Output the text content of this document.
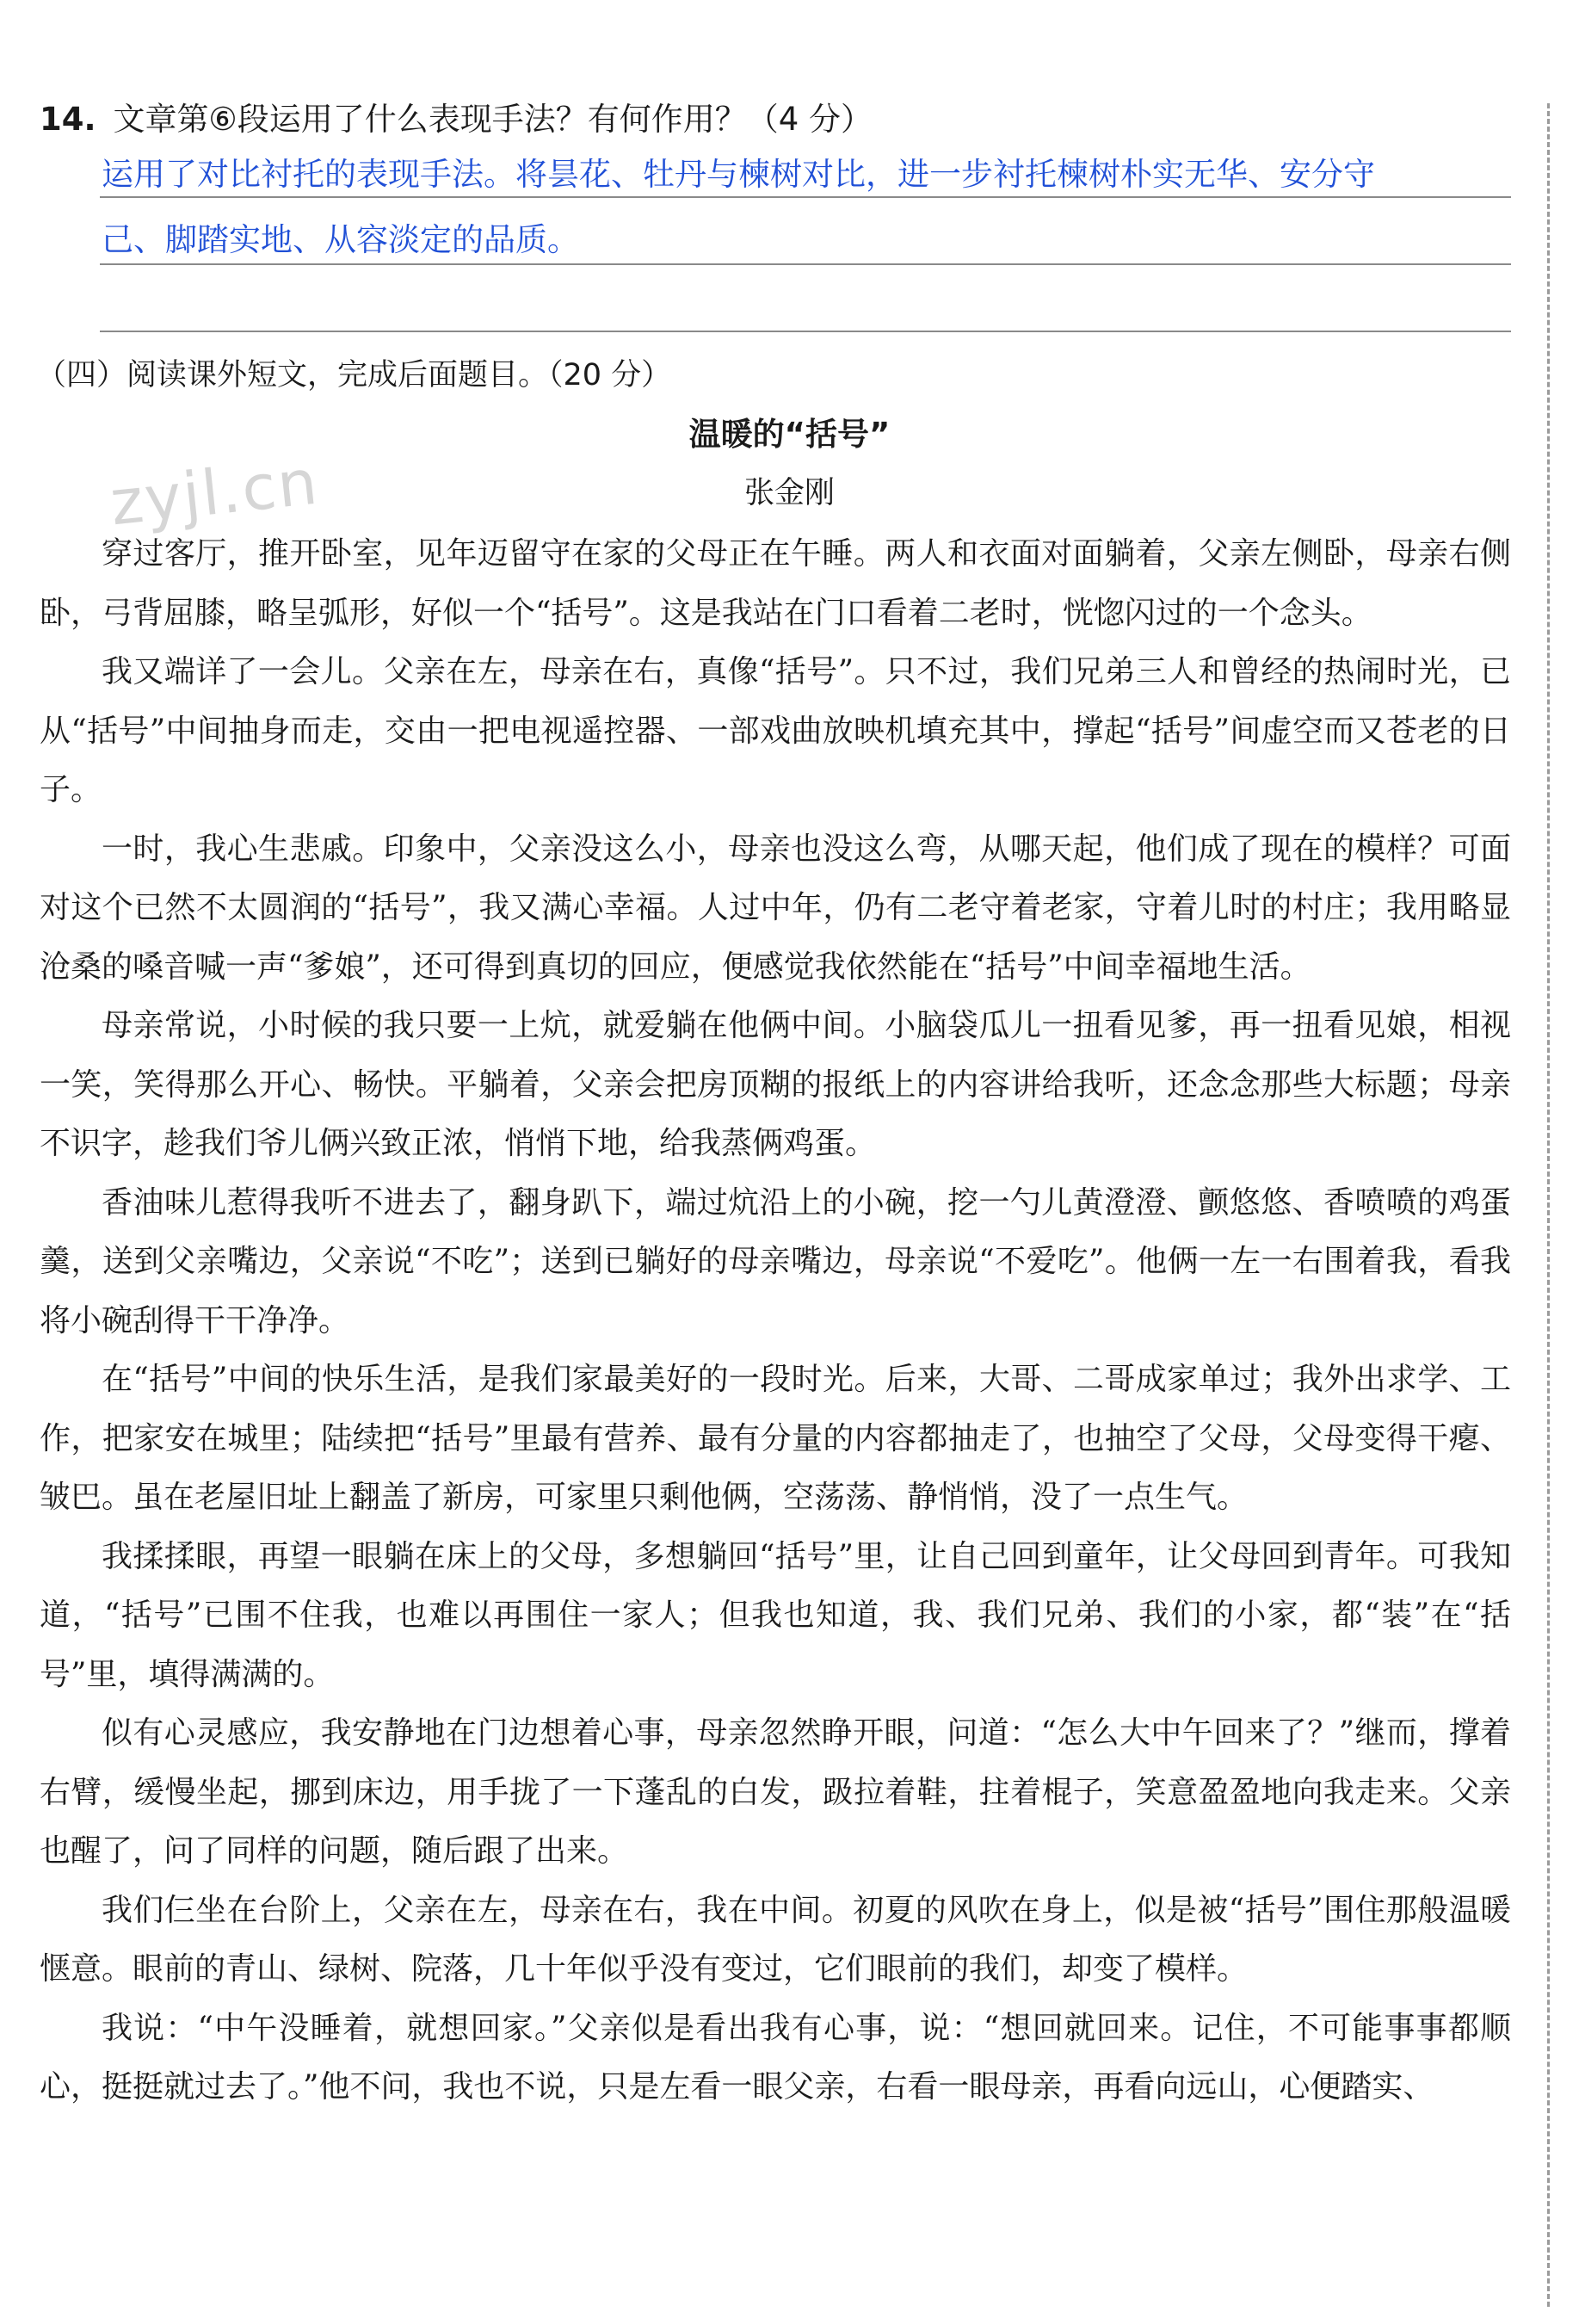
14. 文章第⑥段运用了什么表现手法？有何作用？（4 分）
运用了对比衬托的表现手法。将昙花、牡丹与楝树对比，进一步衬托楝树朴实无华、安分守
己、脚踏实地、从容淡定的品质。
（四）阅读课外短文，完成后面题目。（20 分）
zyjl.cn
温暖的“括号”
张金刚

穿过客厅，推开卧室，见年迈留守在家的父母正在午睡。两人和衣面对面躺着，父亲左侧卧，母亲右侧卧，弓背屈膝，略呈弧形，好似一个“括号”。这是我站在门口看着二老时，恍惚闪过的一个念头。

我又端详了一会儿。父亲在左，母亲在右，真像“括号”。只不过，我们兄弟三人和曾经的热闹时光，已从“括号”中间抽身而走，交由一把电视遥控器、一部戏曲放映机填充其中，撑起“括号”间虚空而又苍老的日子。

一时，我心生悲戚。印象中，父亲没这么小，母亲也没这么弯，从哪天起，他们成了现在的模样？可面对这个已然不太圆润的“括号”，我又满心幸福。人过中年，仍有二老守着老家，守着儿时的村庄；我用略显沧桑的嗓音喊一声“爹娘”，还可得到真切的回应，便感觉我依然能在“括号”中间幸福地生活。

母亲常说，小时候的我只要一上炕，就爱躺在他俩中间。小脑袋瓜儿一扭看见爹，再一扭看见娘，相视一笑，笑得那么开心、畅快。平躺着，父亲会把房顶糊的报纸上的内容讲给我听，还念念那些大标题；母亲不识字，趁我们爷儿俩兴致正浓，悄悄下地，给我蒸俩鸡蛋。

香油味儿惹得我听不进去了，翻身趴下，端过炕沿上的小碗，挖一勺儿黄澄澄、颤悠悠、香喷喷的鸡蛋羹，送到父亲嘴边，父亲说“不吃”；送到已躺好的母亲嘴边，母亲说“不爱吃”。他俩一左一右围着我，看我将小碗刮得干干净净。

在“括号”中间的快乐生活，是我们家最美好的一段时光。后来，大哥、二哥成家单过；我外出求学、工作，把家安在城里；陆续把“括号”里最有营养、最有分量的内容都抽走了，也抽空了父母，父母变得干瘪、皱巴。虽在老屋旧址上翻盖了新房，可家里只剩他俩，空荡荡、静悄悄，没了一点生气。

我揉揉眼，再望一眼躺在床上的父母，多想躺回“括号”里，让自己回到童年，让父母回到青年。可我知道，“括号”已围不住我，也难以再围住一家人；但我也知道，我、我们兄弟、我们的小家，都“装”在“括号”里，填得满满的。

似有心灵感应，我安静地在门边想着心事，母亲忽然睁开眼，问道：“怎么大中午回来了？”继而，撑着右臂，缓慢坐起，挪到床边，用手拢了一下蓬乱的白发，趿拉着鞋，拄着棍子，笑意盈盈地向我走来。父亲也醒了，问了同样的问题，随后跟了出来。

我们仨坐在台阶上，父亲在左，母亲在右，我在中间。初夏的风吹在身上，似是被“括号”围住那般温暖惬意。眼前的青山、绿树、院落，几十年似乎没有变过，它们眼前的我们，却变了模样。

我说：“中午没睡着，就想回家。”父亲似是看出我有心事，说：“想回就回来。记住，不可能事事都顺心，挺挺就过去了。”他不问，我也不说，只是左看一眼父亲，右看一眼母亲，再看向远山，心便踏实、
